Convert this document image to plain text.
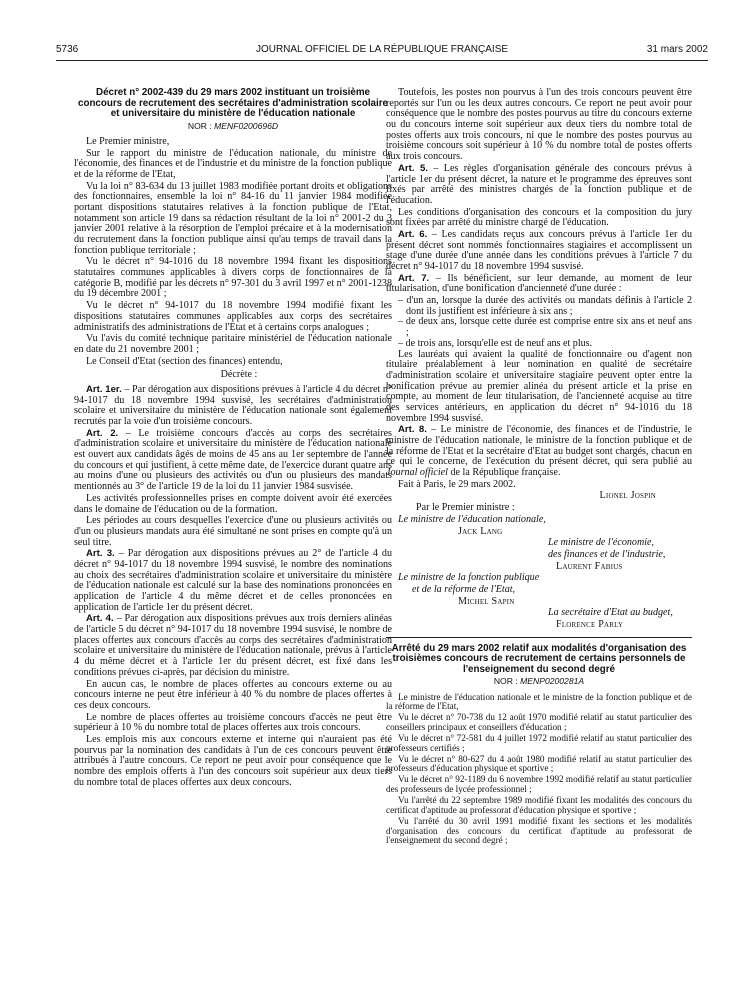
5736	JOURNAL OFFICIEL DE LA RÉPUBLIQUE FRANÇAISE	31 mars 2002
Décret n° 2002-439 du 29 mars 2002 instituant un troisième concours de recrutement des secrétaires d'administration scolaire et universitaire du ministère de l'éducation nationale
NOR : MENF0200696D

Le Premier ministre,

Sur le rapport du ministre de l'éducation nationale, du ministre de l'économie, des finances et de l'industrie et du ministre de la fonction publique et de la réforme de l'Etat,

Vu la loi n° 83-634 du 13 juillet 1983 modifiée portant droits et obligations des fonctionnaires, ensemble la loi n° 84-16 du 11 janvier 1984 modifiée portant dispositions statutaires relatives à la fonction publique de l'Etat, notamment son article 19 dans sa rédaction résultant de la loi n° 2001-2 du 3 janvier 2001 relative à la résorption de l'emploi précaire et à la modernisation du recrutement dans la fonction publique ainsi qu'au temps de travail dans la fonction publique territoriale ;

Vu le décret n° 94-1016 du 18 novembre 1994 fixant les dispositions statutaires communes applicables à divers corps de fonctionnaires de la catégorie B, modifié par les décrets n° 97-301 du 3 avril 1997 et n° 2001-1238 du 19 décembre 2001 ;

Vu le décret n° 94-1017 du 18 novembre 1994 modifié fixant les dispositions statutaires communes applicables aux corps des secrétaires administratifs des administrations de l'Etat et à certains corps analogues ;

Vu l'avis du comité technique paritaire ministériel de l'éducation nationale en date du 21 novembre 2001 ;

Le Conseil d'Etat (section des finances) entendu,

Décrète :

Art. 1er. – Par dérogation aux dispositions prévues à l'article 4 du décret n° 94-1017 du 18 novembre 1994 susvisé, les secrétaires d'administration scolaire et universitaire du ministère de l'éducation nationale sont également recrutés par la voie d'un troisième concours.

Art. 2. – Le troisième concours d'accès au corps des secrétaires d'administration scolaire et universitaire du ministère de l'éducation nationale est ouvert aux candidats âgés de moins de 45 ans au 1er septembre de l'année du concours et qui justifient, à cette même date, de l'exercice durant quatre ans au moins d'une ou plusieurs des activités ou d'un ou plusieurs des mandats mentionnés au 3° de l'article 19 de la loi du 11 janvier 1984 susvisée.

Les activités professionnelles prises en compte doivent avoir été exercées dans le domaine de l'éducation ou de la formation.

Les périodes au cours desquelles l'exercice d'une ou plusieurs activités ou d'un ou plusieurs mandats aura été simultané ne sont prises en compte qu'à un seul titre.

Art. 3. – Par dérogation aux dispositions prévues au 2° de l'article 4 du décret n° 94-1017 du 18 novembre 1994 susvisé, le nombre des nominations au choix des secrétaires d'administration scolaire et universitaire du ministère de l'éducation nationale est calculé sur la base des nominations prononcées en application de l'article 4 du même décret et de celles prononcées en application de l'article 1er du présent décret.

Art. 4. – Par dérogation aux dispositions prévues aux trois derniers alinéas de l'article 5 du décret n° 94-1017 du 18 novembre 1994 susvisé, le nombre de places offertes aux concours d'accès au corps des secrétaires d'administration scolaire et universitaire du ministère de l'éducation nationale, prévus à l'article 4 du même décret et à l'article 1er du présent décret, est fixé dans les conditions prévues ci-après, par décision du ministre.

En aucun cas, le nombre de places offertes au concours externe ou au concours interne ne peut être inférieur à 40 % du nombre de places offertes à ces deux concours.

Le nombre de places offertes au troisième concours d'accès ne peut être supérieur à 10 % du nombre total de places offertes aux trois concours.

Les emplois mis aux concours externe et interne qui n'auraient pas été pourvus par la nomination des candidats à l'un de ces concours peuvent être attribués à l'autre concours. Ce report ne peut avoir pour conséquence que le nombre des emplois offerts à l'un des concours soit supérieur aux deux tiers du nombre total de places offertes aux deux concours.

Toutefois, les postes non pourvus à l'un des trois concours peuvent être reportés sur l'un ou les deux autres concours. Ce report ne peut avoir pour conséquence que le nombre des postes pourvus au titre du concours externe ou du concours interne soit supérieur aux deux tiers du nombre total de postes offerts aux trois concours, ni que le nombre des postes pourvus au troisième concours soit supérieur à 10 % du nombre total de postes offerts aux trois concours.

Art. 5. – Les règles d'organisation générale des concours prévus à l'article 1er du présent décret, la nature et le programme des épreuves sont fixés par arrêté des ministres chargés de la fonction publique et de l'éducation.

Les conditions d'organisation des concours et la composition du jury sont fixées par arrêté du ministre chargé de l'éducation.

Art. 6. – Les candidats reçus aux concours prévus à l'article 1er du présent décret sont nommés fonctionnaires stagiaires et accomplissent un stage d'une durée d'une année dans les conditions prévues à l'article 7 du décret n° 94-1017 du 18 novembre 1994 susvisé.

Art. 7. – Ils bénéficient, sur leur demande, au moment de leur titularisation, d'une bonification d'ancienneté d'une durée :

– d'un an, lorsque la durée des activités ou mandats définis à l'article 2 dont ils justifient est inférieure à six ans ;
– de deux ans, lorsque cette durée est comprise entre six ans et neuf ans ;
– de trois ans, lorsqu'elle est de neuf ans et plus.

Les lauréats qui avaient la qualité de fonctionnaire ou d'agent non titulaire préalablement à leur nomination en qualité de secrétaire d'administration scolaire et universitaire stagiaire peuvent opter entre la bonification prévue au premier alinéa du présent article et la prise en compte, au moment de leur titularisation, de l'ancienneté acquise au titre des services antérieurs, en application du décret n° 94-1016 du 18 novembre 1994 susvisé.

Art. 8. – Le ministre de l'économie, des finances et de l'industrie, le ministre de l'éducation nationale, le ministre de la fonction publique et de la réforme de l'Etat et la secrétaire d'Etat au budget sont chargés, chacun en ce qui le concerne, de l'exécution du présent décret, qui sera publié au Journal officiel de la République française.

Fait à Paris, le 29 mars 2002.

Lionel Jospin

Par le Premier ministre :

Le ministre de l'éducation nationale,

Jack Lang

Le ministre de l'économie,

des finances et de l'industrie,

Laurent Fabius

Le ministre de la fonction publique

et de la réforme de l'Etat,

Michel Sapin

La secrétaire d'Etat au budget,

Florence Parly

Arrêté du 29 mars 2002 relatif aux modalités d'organisation des troisièmes concours de recrutement de certains personnels de l'enseignement du second degré
NOR : MENP0200281A

Le ministre de l'éducation nationale et le ministre de la fonction publique et de la réforme de l'Etat,

Vu le décret n° 70-738 du 12 août 1970 modifié relatif au statut particulier des conseillers principaux et conseillers d'éducation ;

Vu le décret n° 72-581 du 4 juillet 1972 modifié relatif au statut particulier des professeurs certifiés ;

Vu le décret n° 80-627 du 4 août 1980 modifié relatif au statut particulier des professeurs d'éducation physique et sportive ;

Vu le décret n° 92-1189 du 6 novembre 1992 modifié relatif au statut particulier des professeurs de lycée professionnel ;

Vu l'arrêté du 22 septembre 1989 modifié fixant les modalités des concours du certificat d'aptitude au professorat d'éducation physique et sportive ;

Vu l'arrêté du 30 avril 1991 modifié fixant les sections et les modalités d'organisation des concours du certificat d'aptitude au professorat de l'enseignement du second degré ;
